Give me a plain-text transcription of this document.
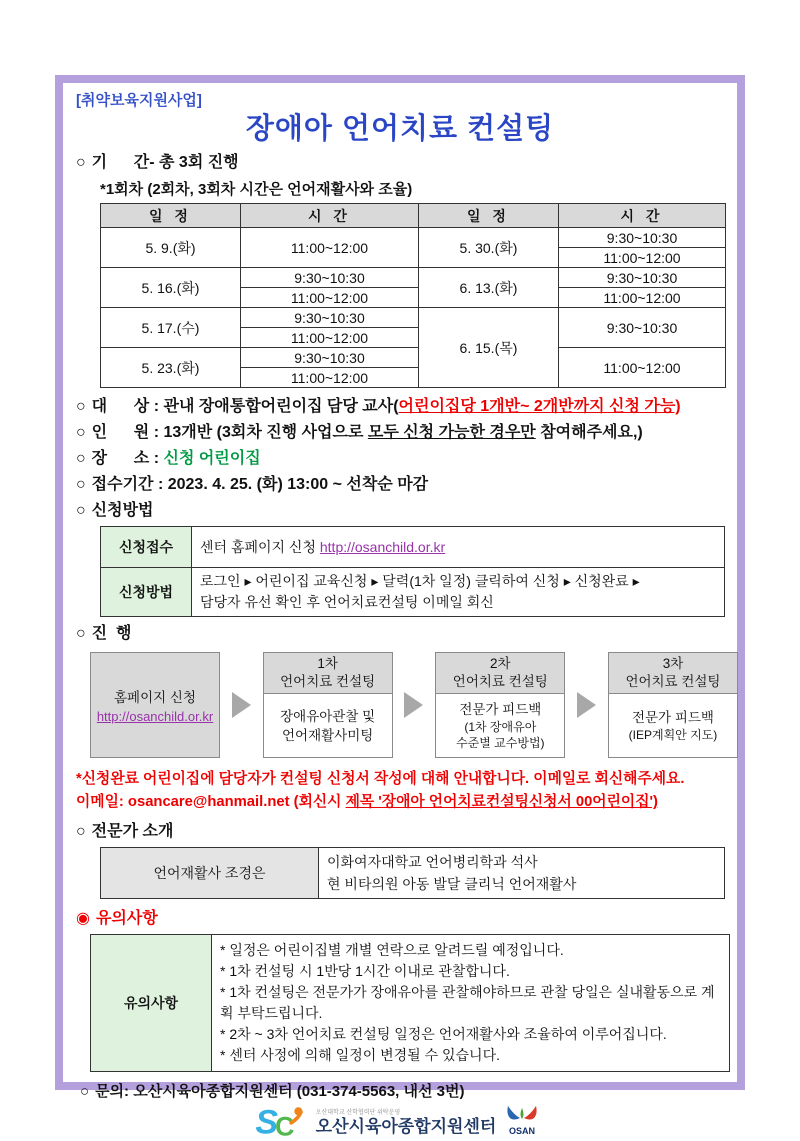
[취약보육지원사업]
장애아 언어치료 컨설팅
○ 기      간- 총 3회 진행
*1회차 (2회차, 3회차 시간은 언어재활사와 조율)
일 정	시 간	일 정	시 간
5. 9.(화)	11:00~12:00	5. 30.(화)	9:30~10:30
			11:00~12:00
5. 16.(화)	9:30~10:30	6. 13.(화)	9:30~10:30
	11:00~12:00		11:00~12:00
5. 17.(수)	9:30~10:30	6. 15.(목)	9:30~10:30
	11:00~12:00		
5. 23.(화)	9:30~10:30		11:00~12:00
	11:00~12:00		
○ 대      상 : 관내 장애통합어린이집 담당 교사(어린이집당 1개반~ 2개반까지 신청 가능)
○ 인      원 : 13개반 (3회차 진행 사업으로 모두 신청 가능한 경우만 참여해주세요,)
○ 장      소 : 신청 어린이집
○ 접수기간 : 2023. 4. 25. (화) 13:00 ~ 선착순 마감
○ 신청방법
신청접수	센터 홈페이지 신청 http://osanchild.or.kr
신청방법	로그인 ▸ 어린이집 교육신청 ▸ 달력(1차 일정) 클릭하여 신청 ▸ 신청완료 ▸
담당자 유선 확인 후 언어치료컨설팅 이메일 회신
○ 진  행
홈페이지 신청
http://osanchild.or.kr
1차
언어치료 컨설팅
장애유아관찰 및
언어재활사미팅
2차
언어치료 컨설팅
전문가 피드백
(1차 장애유아
수준별 교수방법)
3차
언어치료 컨설팅
전문가 피드백
(IEP계획안 지도)
*신청완료 어린이집에 담당자가 컨설팅 신청서 작성에 대해 안내합니다. 이메일로 회신해주세요.
이메일: osancare@hanmail.net (회신시 제목 '장애아 언어치료컨설팅신청서 00어린이집')
○ 전문가 소개
언어재활사 조경은	
이화여자대학교 언어병리학과 석사
현 비타의원 아동 발달 클리닉 언어재활사
◉ 유의사항
유의사항	
* 일정은 어린이집별 개별 연락으로 알려드릴 예정입니다.
* 1차 컨설팅 시 1반당 1시간 이내로 관찰합니다.
* 1차 컨설팅은 전문가가 장애유아를 관찰해야하므로 관찰 당일은 실내활동으로 계획 부탁드립니다.
* 2차 ~ 3차 언어치료 컨설팅 일정은 언어재활사와 조율하여 이루어집니다.
* 센터 사정에 의해 일정이 변경될 수 있습니다.
○ 문의: 오산시육아종합지원센터 (031-374-5563, 내선 3번)
S
C	오산대학교 산학협력단 위탁운영
오산시육아종합지원센터 OSAN
